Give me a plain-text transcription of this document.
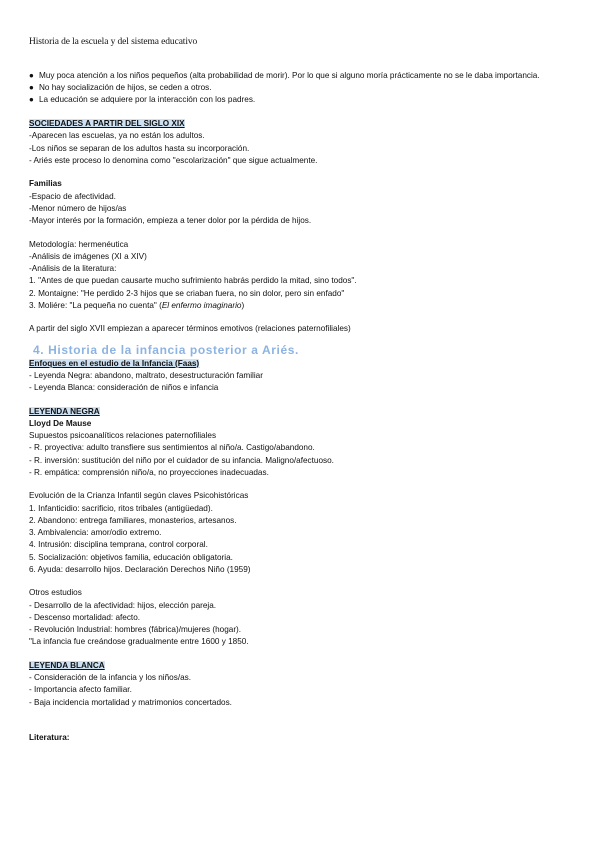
Historia de la escuela y del sistema educativo
● Muy poca atención a los niños pequeños (alta probabilidad de morir). Por lo que si alguno moría prácticamente no se le daba importancia.
● No hay socialización de hijos, se ceden a otros.
● La educación se adquiere por la interacción con los padres.
SOCIEDADES A PARTIR DEL SIGLO XIX
-Aparecen las escuelas, ya no están los adultos.
-Los niños se separan de los adultos hasta su incorporación.
- Ariés este proceso lo denomina como "escolarización" que sigue actualmente.
Familias
-Espacio de afectividad.
-Menor número de hijos/as
-Mayor interés por la formación, empieza a tener dolor por la pérdida de hijos.
Metodología: hermenéutica
-Análisis de imágenes (XI a XIV)
-Análisis de la literatura:
1. "Antes de que puedan causarte mucho sufrimiento habrás perdido la mitad, sino todos".
2. Montaigne: "He perdido 2-3 hijos que se criaban fuera, no sin dolor, pero sin enfado"
3. Moliére: "La pequeña no cuenta" (El enfermo imaginario)
A partir del siglo XVII empiezan a aparecer términos emotivos (relaciones paternofiliales)
4. Historia de la infancia posterior a Ariés.
Enfoques en el estudio de la Infancia (Faas)
- Leyenda Negra: abandono, maltrato, desestructuración familiar
- Leyenda Blanca: consideración de niños e infancia
LEYENDA NEGRA
Lloyd De Mause
Supuestos psicoanalíticos relaciones paternofiliales
- R. proyectiva: adulto transfiere sus sentimientos al niño/a. Castigo/abandono.
- R. inversión: sustitución del niño por el cuidador de su infancia. Maligno/afectuoso.
- R. empática: comprensión niño/a, no proyecciones inadecuadas.
Evolución de la Crianza Infantil según claves Psicohistóricas
1. Infanticidio: sacrificio, ritos tribales (antigüedad).
2. Abandono: entrega familiares, monasterios, artesanos.
3. Ambivalencia: amor/odio extremo.
4. Intrusión: disciplina temprana, control corporal.
5. Socialización: objetivos familia, educación obligatoria.
6. Ayuda: desarrollo hijos. Declaración Derechos Niño (1959)
Otros estudios
- Desarrollo de la afectividad: hijos, elección pareja.
- Descenso mortalidad: afecto.
- Revolución Industrial: hombres (fábrica)/mujeres (hogar).
"La infancia fue creándose gradualmente entre 1600 y 1850.
LEYENDA BLANCA
- Consideración de la infancia y los niños/as.
- Importancia afecto familiar.
- Baja incidencia mortalidad y matrimonios concertados.
Literatura:
